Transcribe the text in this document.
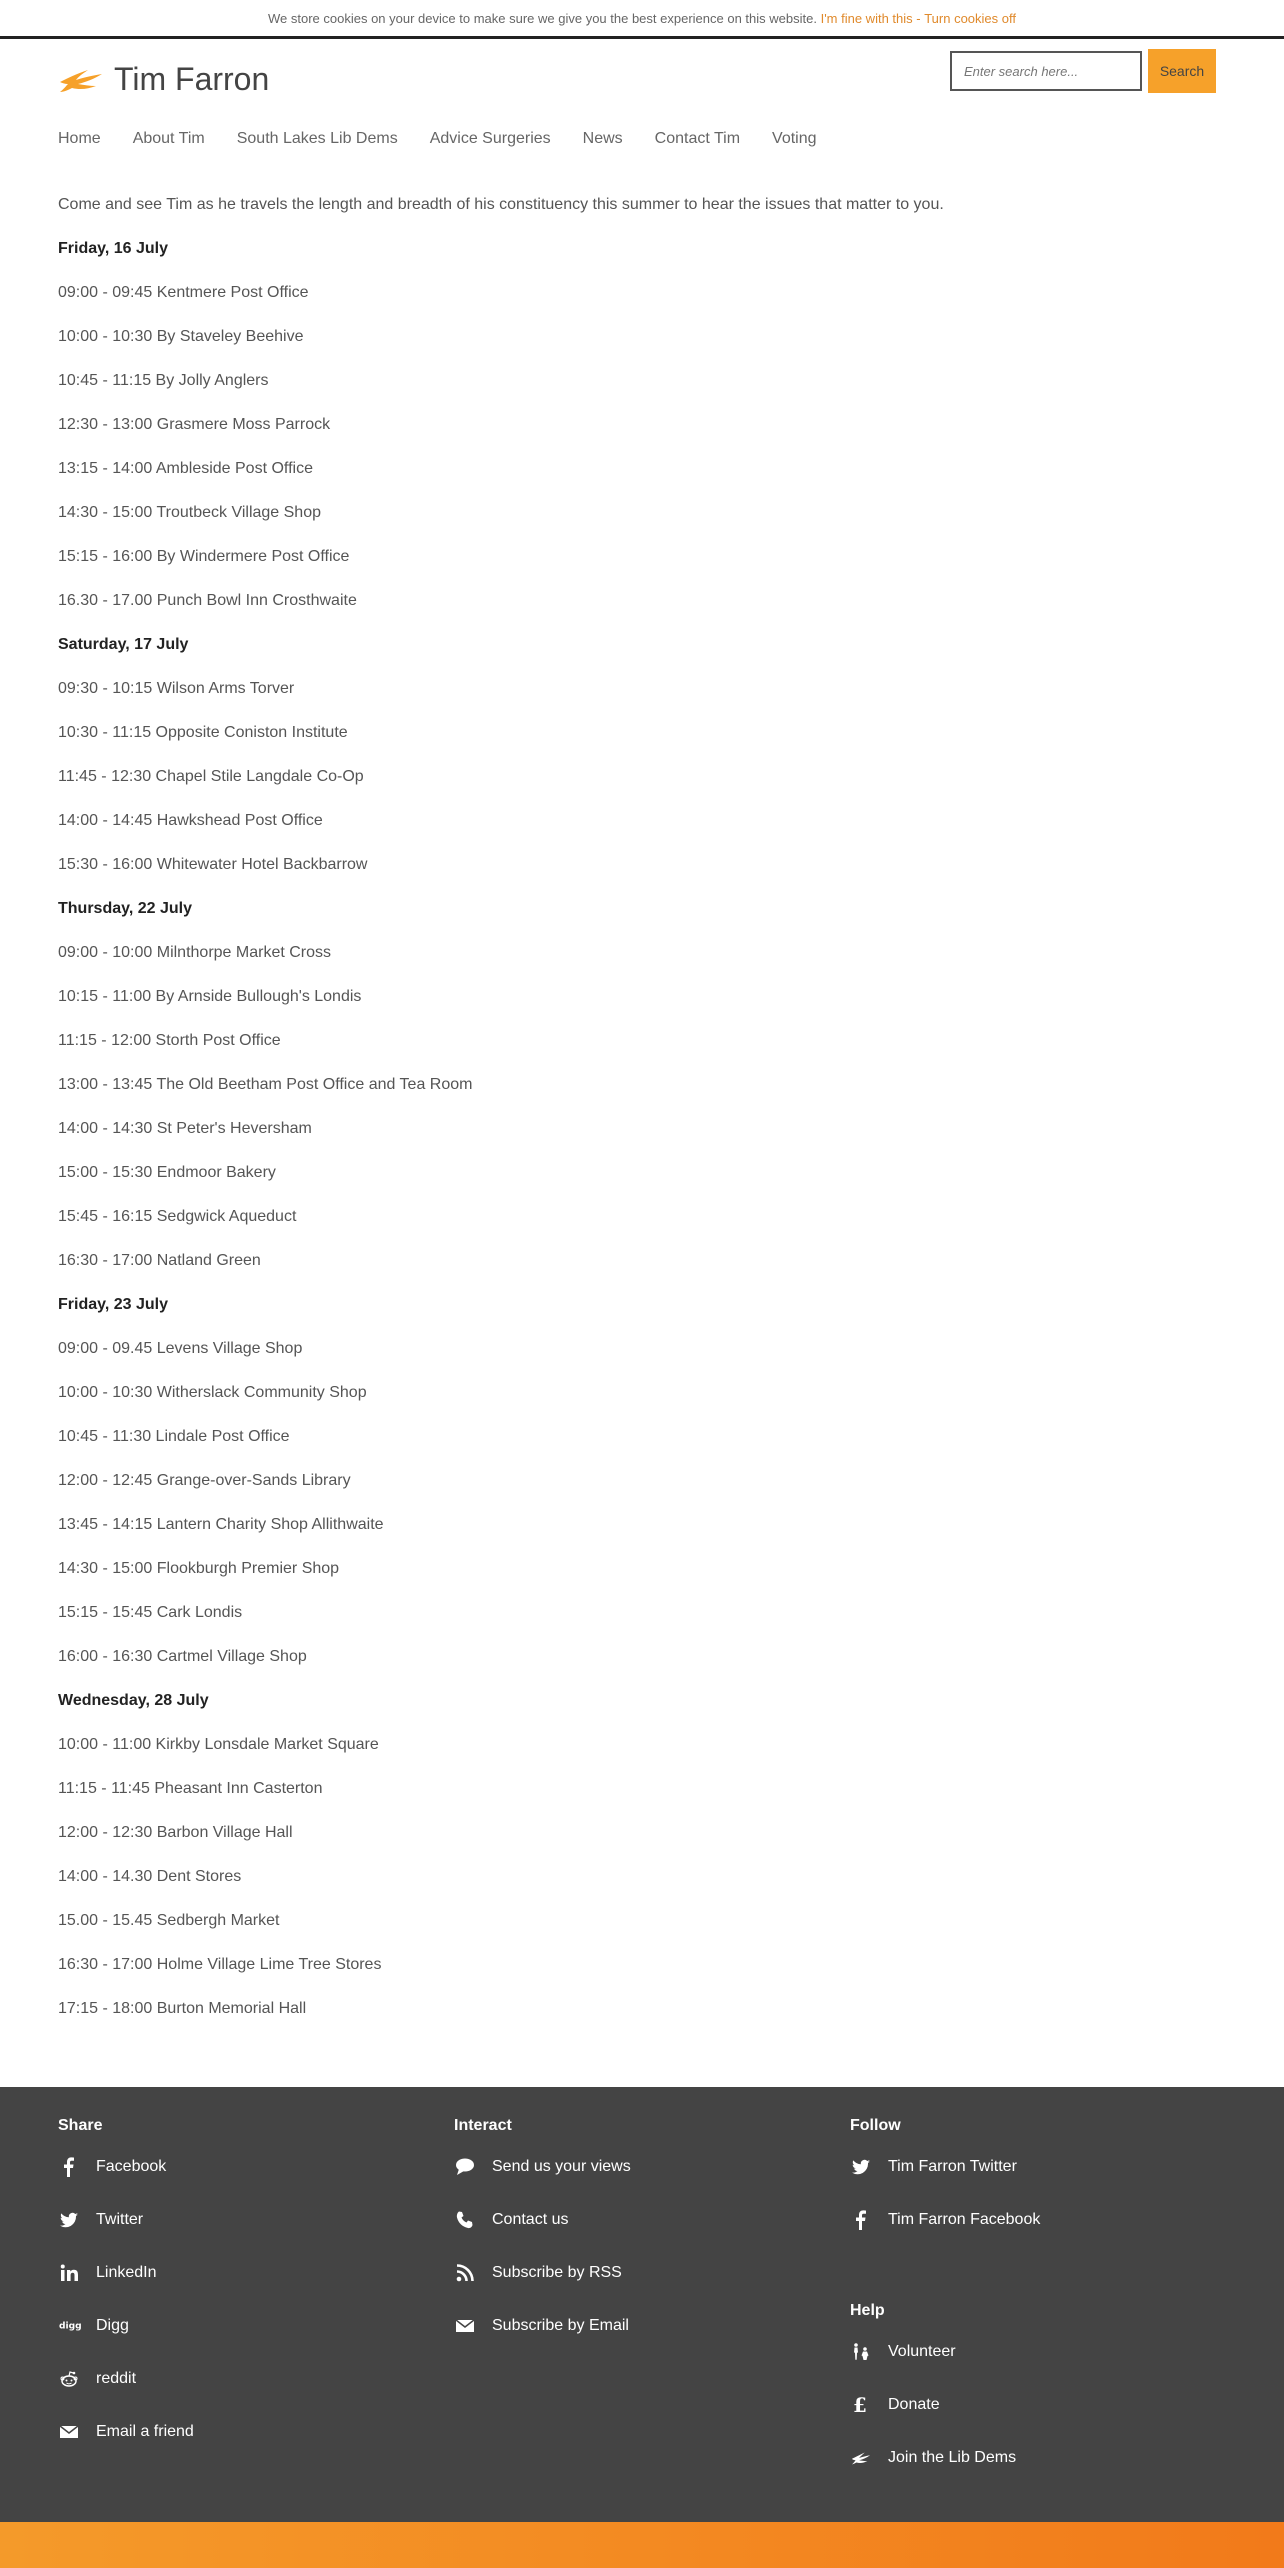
We store cookies on your device to make sure we give you the best experience on this website.
I'm fine with this - Turn cookies off
Tim Farron
Enter search here...	Search
Home About Tim South Lakes Lib Dems Advice Surgeries News Contact Tim Voting

Come and see Tim as he travels the length and breadth of his constituency this summer to hear the issues that matter to you.

Friday, 16 July

09:00 - 09:45 Kentmere Post Office

10:00 - 10:30 By Staveley Beehive

10:45 - 11:15 By Jolly Anglers

12:30 - 13:00 Grasmere Moss Parrock

13:15 - 14:00 Ambleside Post Office

14:30 - 15:00 Troutbeck Village Shop

15:15 - 16:00 By Windermere Post Office

16.30 - 17.00 Punch Bowl Inn Crosthwaite

Saturday, 17 July

09:30 - 10:15 Wilson Arms Torver

10:30 - 11:15 Opposite Coniston Institute

11:45 - 12:30 Chapel Stile Langdale Co-Op

14:00 - 14:45 Hawkshead Post Office

15:30 - 16:00 Whitewater Hotel Backbarrow

Thursday, 22 July

09:00 - 10:00 Milnthorpe Market Cross

10:15 - 11:00 By Arnside Bullough's Londis

11:15 - 12:00 Storth Post Office

13:00 - 13:45 The Old Beetham Post Office and Tea Room

14:00 - 14:30 St Peter's Heversham

15:00 - 15:30 Endmoor Bakery

15:45 - 16:15 Sedgwick Aqueduct

16:30 - 17:00 Natland Green

Friday, 23 July

09:00 - 09.45 Levens Village Shop

10:00 - 10:30 Witherslack Community Shop

10:45 - 11:30 Lindale Post Office

12:00 - 12:45 Grange-over-Sands Library

13:45 - 14:15 Lantern Charity Shop Allithwaite

14:30 - 15:00 Flookburgh Premier Shop

15:15 - 15:45 Cark Londis

16:00 - 16:30 Cartmel Village Shop

Wednesday, 28 July

10:00 - 11:00 Kirkby Lonsdale Market Square

11:15 - 11:45 Pheasant Inn Casterton

12:00 - 12:30 Barbon Village Hall

14:00 - 14.30 Dent Stores

15.00 - 15.45 Sedbergh Market

16:30 - 17:00 Holme Village Lime Tree Stores

17:15 - 18:00 Burton Memorial Hall

Share
Facebook
Twitter
LinkedIn
digg Digg
reddit
Email a friend
Interact
Send us your views
Contact us
Subscribe by RSS
Subscribe by Email
Follow
Tim Farron Twitter
Tim Farron Facebook
Help
Volunteer
£ Donate
Join the Lib Dems
